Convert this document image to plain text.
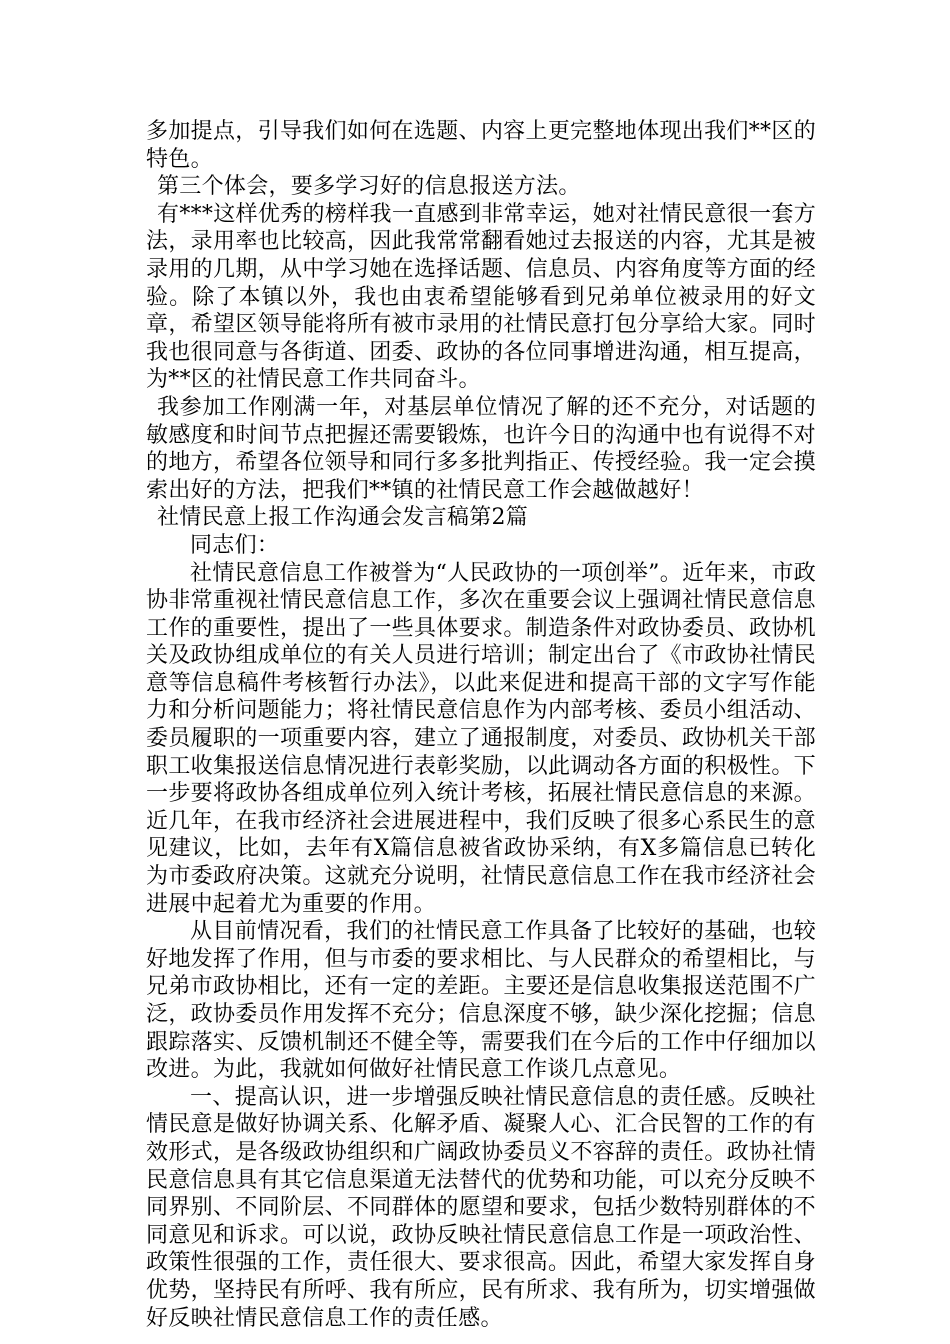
多加提点，引导我们如何在选题、内容上更完整地体现出我们**区的特色。

第三个体会，要多学习好的信息报送方法。

有***这样优秀的榜样我一直感到非常幸运，她对社情民意很一套方法，录用率也比较高，因此我常常翻看她过去报送的内容，尤其是被录用的几期，从中学习她在选择话题、信息员、内容角度等方面的经验。除了本镇以外，我也由衷希望能够看到兄弟单位被录用的好文章，希望区领导能将所有被市录用的社情民意打包分享给大家。同时我也很同意与各街道、团委、政协的各位同事增进沟通，相互提高，为**区的社情民意工作共同奋斗。

我参加工作刚满一年，对基层单位情况了解的还不充分，对话题的敏感度和时间节点把握还需要锻炼，也许今日的沟通中也有说得不对的地方，希望各位领导和同行多多批判指正、传授经验。我一定会摸索出好的方法，把我们**镇的社情民意工作会越做越好！

社情民意上报工作沟通会发言稿第2篇

同志们：

社情民意信息工作被誉为“人民政协的一项创举”。近年来，市政协非常重视社情民意信息工作，多次在重要会议上强调社情民意信息工作的重要性，提出了一些具体要求。制造条件对政协委员、政协机关及政协组成单位的有关人员进行培训；制定出台了《市政协社情民意等信息稿件考核暂行办法》，以此来促进和提高干部的文字写作能力和分析问题能力；将社情民意信息作为内部考核、委员小组活动、委员履职的一项重要内容，建立了通报制度，对委员、政协机关干部职工收集报送信息情况进行表彰奖励，以此调动各方面的积极性。下一步要将政协各组成单位列入统计考核，拓展社情民意信息的来源。近几年，在我市经济社会进展进程中，我们反映了很多心系民生的意见建议，比如，去年有X篇信息被省政协采纳，有X多篇信息已转化为市委政府决策。这就充分说明，社情民意信息工作在我市经济社会进展中起着尤为重要的作用。

从目前情况看，我们的社情民意工作具备了比较好的基础，也较好地发挥了作用，但与市委的要求相比、与人民群众的希望相比，与兄弟市政协相比，还有一定的差距。主要还是信息收集报送范围不广泛，政协委员作用发挥不充分；信息深度不够，缺少深化挖掘；信息跟踪落实、反馈机制还不健全等，需要我们在今后的工作中仔细加以改进。为此，我就如何做好社情民意工作谈几点意见。

一、提高认识，进一步增强反映社情民意信息的责任感。反映社情民意是做好协调关系、化解矛盾、凝聚人心、汇合民智的工作的有效形式，是各级政协组织和广阔政协委员义不容辞的责任。政协社情民意信息具有其它信息渠道无法替代的优势和功能，可以充分反映不同界别、不同阶层、不同群体的愿望和要求，包括少数特别群体的不同意见和诉求。可以说，政协反映社情民意信息工作是一项政治性、政策性很强的工作，责任很大、要求很高。因此，希望大家发挥自身优势，坚持民有所呼、我有所应，民有所求、我有所为，切实增强做好反映社情民意信息工作的责任感。
